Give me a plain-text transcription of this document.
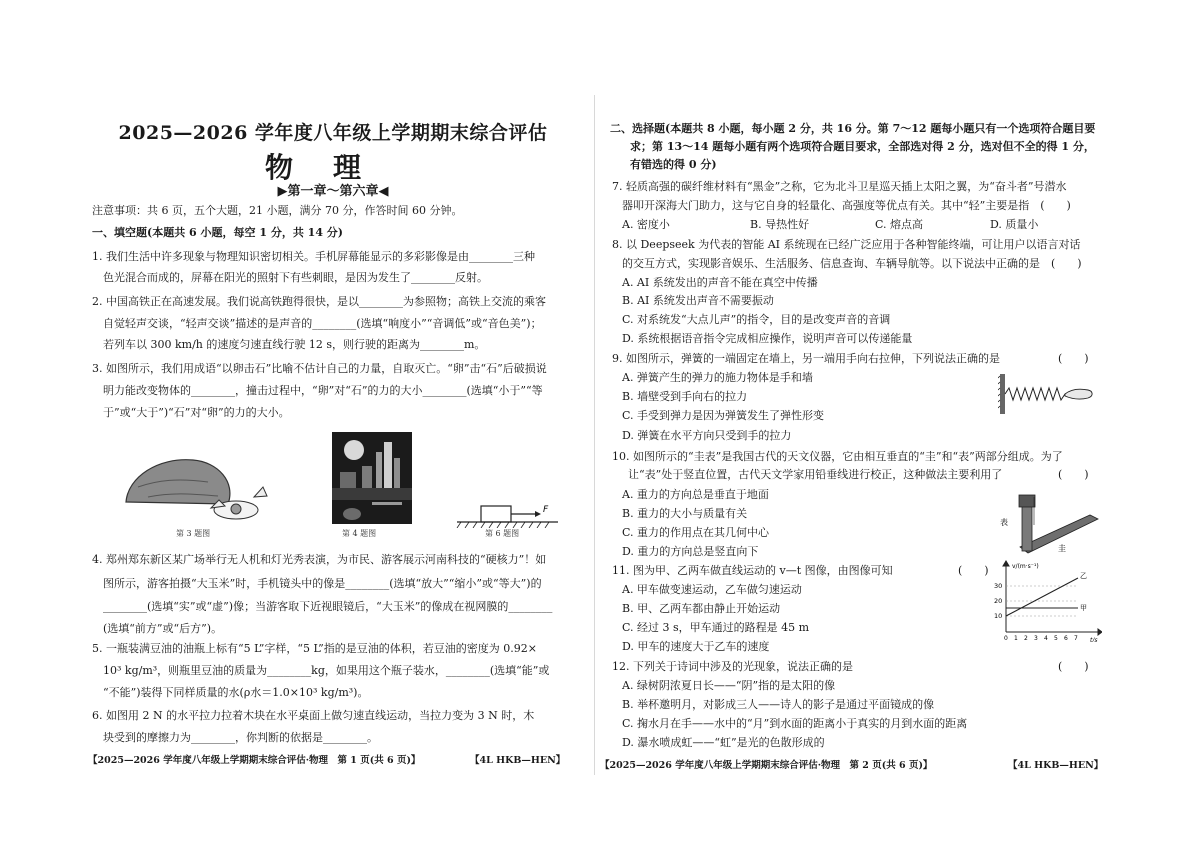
2025—2026 学年度八年级上学期期末综合评估
物理
▶第一章～第六章◀
注意事项：共 6 页，五个大题，21 小题，满分 70 分，作答时间 60 分钟。
一、填空题(本题共 6 小题，每空 1 分，共 14 分)
1. 我们生活中许多现象与物理知识密切相关。手机屏幕能显示的多彩影像是由________三种
色光混合而成的，屏幕在阳光的照射下有些刺眼，是因为发生了________反射。
2. 中国高铁正在高速发展。我们说高铁跑得很快，是以________为参照物；高铁上交流的乘客
自觉轻声交谈，“轻声交谈”描述的是声音的________(选填“响度小”“音调低”或“音色美”)；
若列车以 300 km/h 的速度匀速直线行驶 12 s，则行驶的距离为________m。
3. 如图所示，我们用成语“以卵击石”比喻不估计自己的力量，自取灭亡。“卵”击“石”后破损说
明力能改变物体的________，撞击过程中，“卵”对“石”的力的大小________(选填“小于”“等
于”或“大于”)“石”对“卵”的力的大小。
第 3 题图	第 4 题图
F
第 6 题图
4. 郑州郑东新区某广场举行无人机和灯光秀表演，为市民、游客展示河南科技的“硬核力”！如
图所示，游客拍摄“大玉米”时，手机镜头中的像是________(选填“放大”“缩小”或“等大”)的
________(选填“实”或“虚”)像；当游客取下近视眼镜后，“大玉米”的像成在视网膜的________
(选填“前方”或“后方”)。
5. 一瓶装满豆油的油瓶上标有“5 L”字样，“5 L”指的是豆油的体积，若豆油的密度为 0.92×
10³ kg/m³，则瓶里豆油的质量为________kg，如果用这个瓶子装水，________(选填“能”或
“不能”)装得下同样质量的水(ρ水＝1.0×10³ kg/m³)。
6. 如图用 2 N 的水平拉力拉着木块在水平桌面上做匀速直线运动，当拉力变为 3 N 时，木
块受到的摩擦力为________，你判断的依据是________。
【2025—2026 学年度八年级上学期期末综合评估·物理　第 1 页(共 6 页)】	【4L HKB—HEN】
二、选择题(本题共 8 小题，每小题 2 分，共 16 分。第 7～12 题每小题只有一个选项符合题目要
求；第 13～14 题每小题有两个选项符合题目要求，全部选对得 2 分，选对但不全的得 1 分，
有错选的得 0 分)
7. 轻质高强的碳纤维材料有“黑金”之称，它为北斗卫星巡天插上太阳之翼，为“奋斗者”号潜水
器叩开深海大门助力，这与它自身的轻量化、高强度等优点有关。其中“轻”主要是指　(　　)
A. 密度小	B. 导热性好	C. 熔点高	D. 质量小
8. 以 Deepseek 为代表的智能 AI 系统现在已经广泛应用于各种智能终端，可让用户以语言对话
的交互方式，实现影音娱乐、生活服务、信息查询、车辆导航等。以下说法中正确的是　(　　)
A. AI 系统发出的声音不能在真空中传播
B. AI 系统发出声音不需要振动
C. 对系统发“大点儿声”的指令，目的是改变声音的音调
D. 系统根据语音指令完成相应操作，说明声音可以传递能量
9. 如图所示，弹簧的一端固定在墙上，另一端用手向右拉伸，下列说法正确的是	(　　)
A. 弹簧产生的弹力的施力物体是手和墙
B. 墙壁受到手向右的拉力
C. 手受到弹力是因为弹簧发生了弹性形变
D. 弹簧在水平方向只受到手的拉力
10. 如图所示的“圭表”是我国古代的天文仪器，它由相互垂直的“圭”和“表”两部分组成。为了
让“表”处于竖直位置，古代天文学家用铅垂线进行校正，这种做法主要利用了	(　　)
A. 重力的方向总是垂直于地面
B. 重力的大小与质量有关
C. 重力的作用点在其几何中心
D. 重力的方向总是竖直向下
表
圭
11. 图为甲、乙两车做直线运动的 v—t 图像，由图像可知	(　　)
A. 甲车做变速运动，乙车做匀速运动
B. 甲、乙两车都由静止开始运动
C. 经过 3 s，甲车通过的路程是 45 m
D. 甲车的速度大于乙车的速度
v/(m·s⁻¹)
t/s
30
20
10
0 1 2 3 4 5 6 7
乙
甲
12. 下列关于诗词中涉及的光现象，说法正确的是	(　　)
A. 绿树阴浓夏日长——“阴”指的是太阳的像
B. 举杯邀明月，对影成三人——诗人的影子是通过平面镜成的像
C. 掬水月在手——水中的“月”到水面的距离小于真实的月到水面的距离
D. 瀑水喷成虹——“虹”是光的色散形成的
【2025—2026 学年度八年级上学期期末综合评估·物理　第 2 页(共 6 页)】	【4L HKB—HEN】
